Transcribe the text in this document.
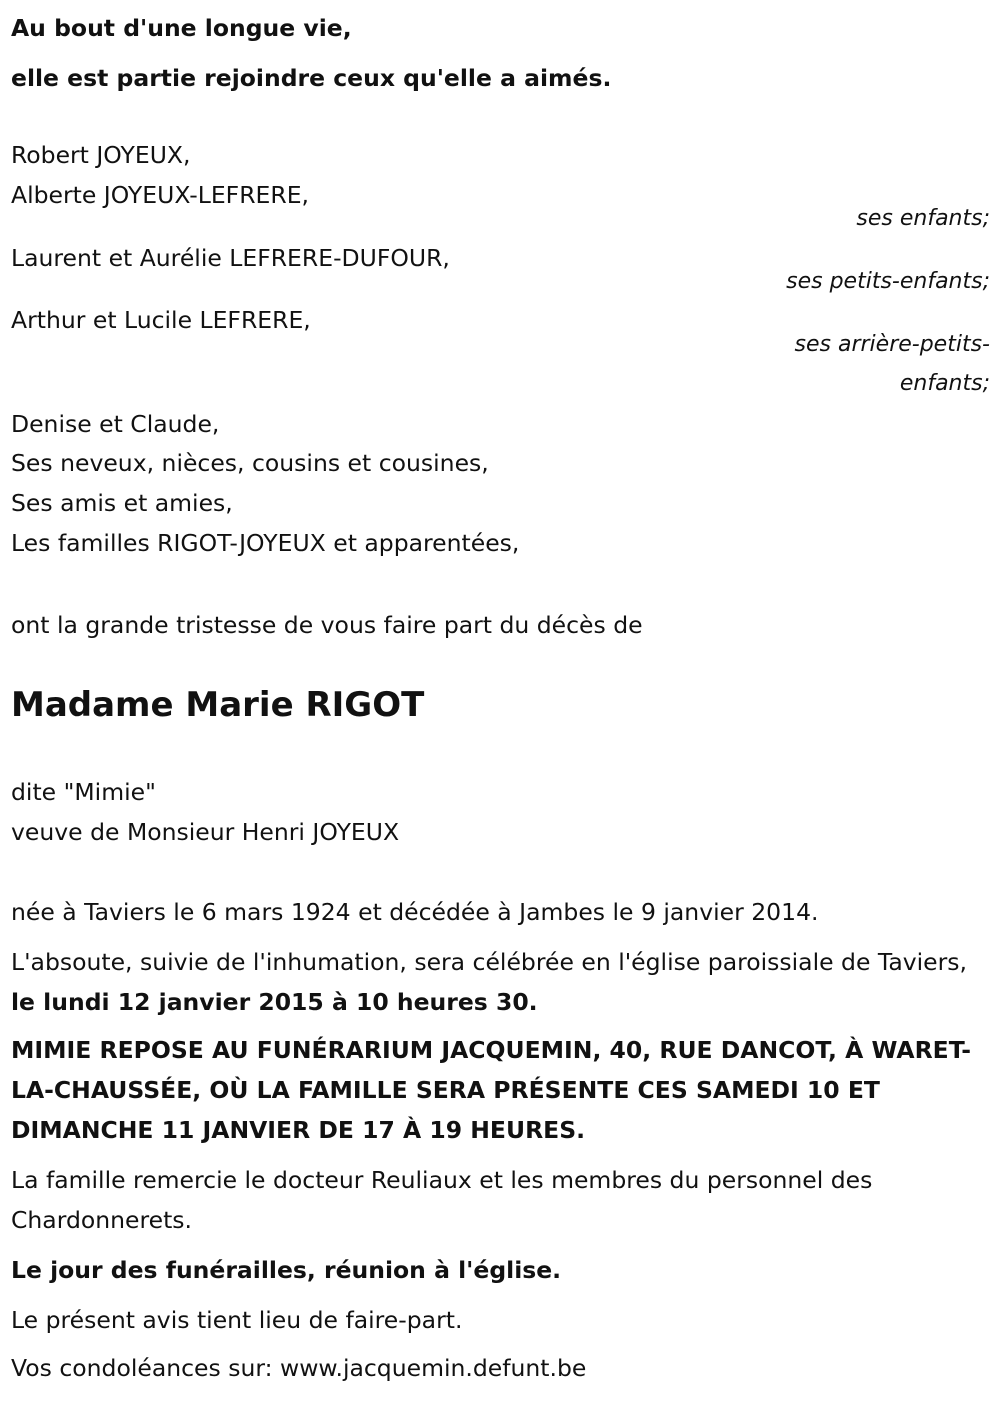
Au bout d'une longue vie,
elle est partie rejoindre ceux qu'elle a aimés.
Robert JOYEUX,
Alberte JOYEUX-LEFRERE,
ses enfants;
Laurent et Aurélie LEFRERE-DUFOUR,
ses petits-enfants;
Arthur et Lucile LEFRERE,
ses arrière-petits-
enfants;
Denise et Claude,
Ses neveux, nièces, cousins et cousines,
Ses amis et amies,
Les familles RIGOT-JOYEUX et apparentées,
ont la grande tristesse de vous faire part du décès de
Madame Marie RIGOT
dite "Mimie"
veuve de Monsieur Henri JOYEUX
née à Taviers le 6 mars 1924 et décédée à Jambes le 9 janvier 2014.
L'absoute, suivie de l'inhumation, sera célébrée en l'église paroissiale de Taviers, le lundi 12 janvier 2015 à 10 heures 30.
MIMIE REPOSE AU FUNÉRARIUM JACQUEMIN, 40, RUE DANCOT, À WARET-LA-CHAUSSÉE, OÙ LA FAMILLE SERA PRÉSENTE CES SAMEDI 10 ET DIMANCHE 11 JANVIER DE 17 À 19 HEURES.
La famille remercie le docteur Reuliaux et les membres du personnel des Chardonnerets.
Le jour des funérailles, réunion à l'église.
Le présent avis tient lieu de faire-part.
Vos condoléances sur: www.jacquemin.defunt.be
